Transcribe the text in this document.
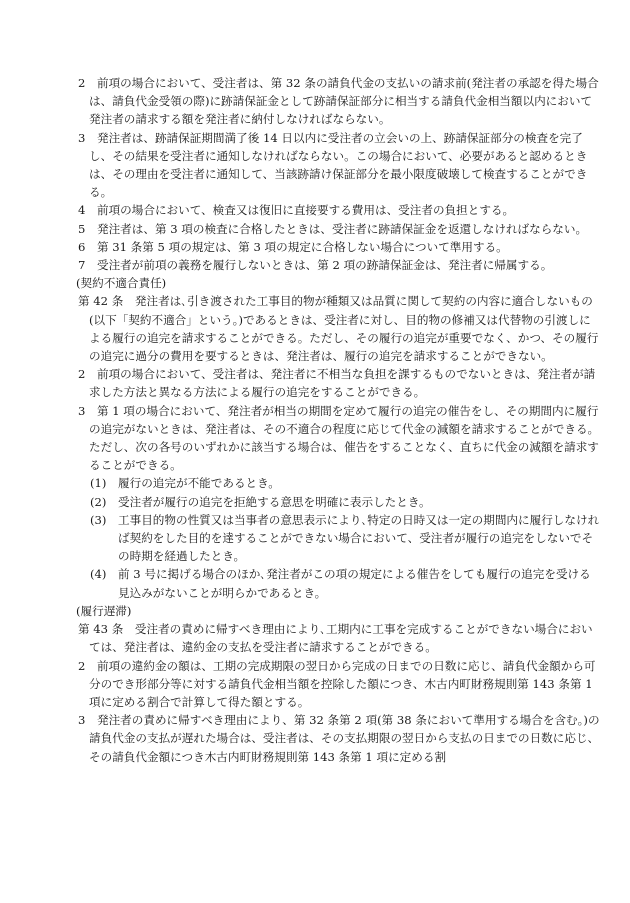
2　前項の場合において、受注者は、第 32 条の請負代金の支払いの請求前(発注者の承認を得た場合は、請負代金受領の際)に跡請保証金として跡請保証部分に相当する請負代金相当額以内において発注者の請求する額を発注者に納付しなければならない。

3　発注者は、跡請保証期間満了後 14 日以内に受注者の立会いの上、跡請保証部分の検査を完了し、その結果を受注者に通知しなければならない。この場合において、必要があると認めるときは、その理由を受注者に通知して、当該跡請け保証部分を最小限度破壊して検査することができる。

4　前項の場合において、検査又は復旧に直接要する費用は、受注者の負担とする。

5　発注者は、第 3 項の検査に合格したときは、受注者に跡請保証金を返還しなければならない。

6　第 31 条第 5 項の規定は、第 3 項の規定に合格しない場合について準用する。

7　受注者が前項の義務を履行しないときは、第 2 項の跡請保証金は、発注者に帰属する。

(契約不適合責任)

第 42 条　発注者は､引き渡された工事目的物が種類又は品質に関して契約の内容に適合しないもの(以下「契約不適合」という。)であるときは、受注者に対し、目的物の修補又は代替物の引渡しによる履行の追完を請求することができる。ただし、その履行の追完が重要でなく、かつ、その履行の追完に過分の費用を要するときは、発注者は、履行の追完を請求することができない。

2　前項の場合において、受注者は、発注者に不相当な負担を課するものでないときは、発注者が請求した方法と異なる方法による履行の追完をすることができる。

3　第 1 項の場合において、発注者が相当の期間を定めて履行の追完の催告をし、その期間内に履行の追完がないときは、発注者は、その不適合の程度に応じて代金の減額を請求することができる。ただし、次の各号のいずれかに該当する場合は、催告をすることなく、直ちに代金の減額を請求することができる。

(1)　履行の追完が不能であるとき。

(2)　受注者が履行の追完を拒絶する意思を明確に表示したとき。

(3)　工事目的物の性質又は当事者の意思表示により､特定の日時又は一定の期間内に履行しなければ契約をした目的を達することができない場合において、受注者が履行の追完をしないでその時期を経過したとき。

(4)　前 3 号に掲げる場合のほか､発注者がこの項の規定による催告をしても履行の追完を受ける見込みがないことが明らかであるとき。

(履行遅滞)

第 43 条　受注者の責めに帰すべき理由により､工期内に工事を完成することができない場合においては、発注者は、違約金の支払を受注者に請求することができる。

2　前項の違約金の額は、工期の完成期限の翌日から完成の日までの日数に応じ、請負代金額から可分のでき形部分等に対する請負代金相当額を控除した額につき、木古内町財務規則第 143 条第 1 項に定める割合で計算して得た額とする。

3　発注者の責めに帰すべき理由により、第 32 条第 2 項(第 38 条において準用する場合を含む。)の請負代金の支払が遅れた場合は、受注者は、その支払期限の翌日から支払の日までの日数に応じ、その請負代金額につき木古内町財務規則第 143 条第 1 項に定める割
